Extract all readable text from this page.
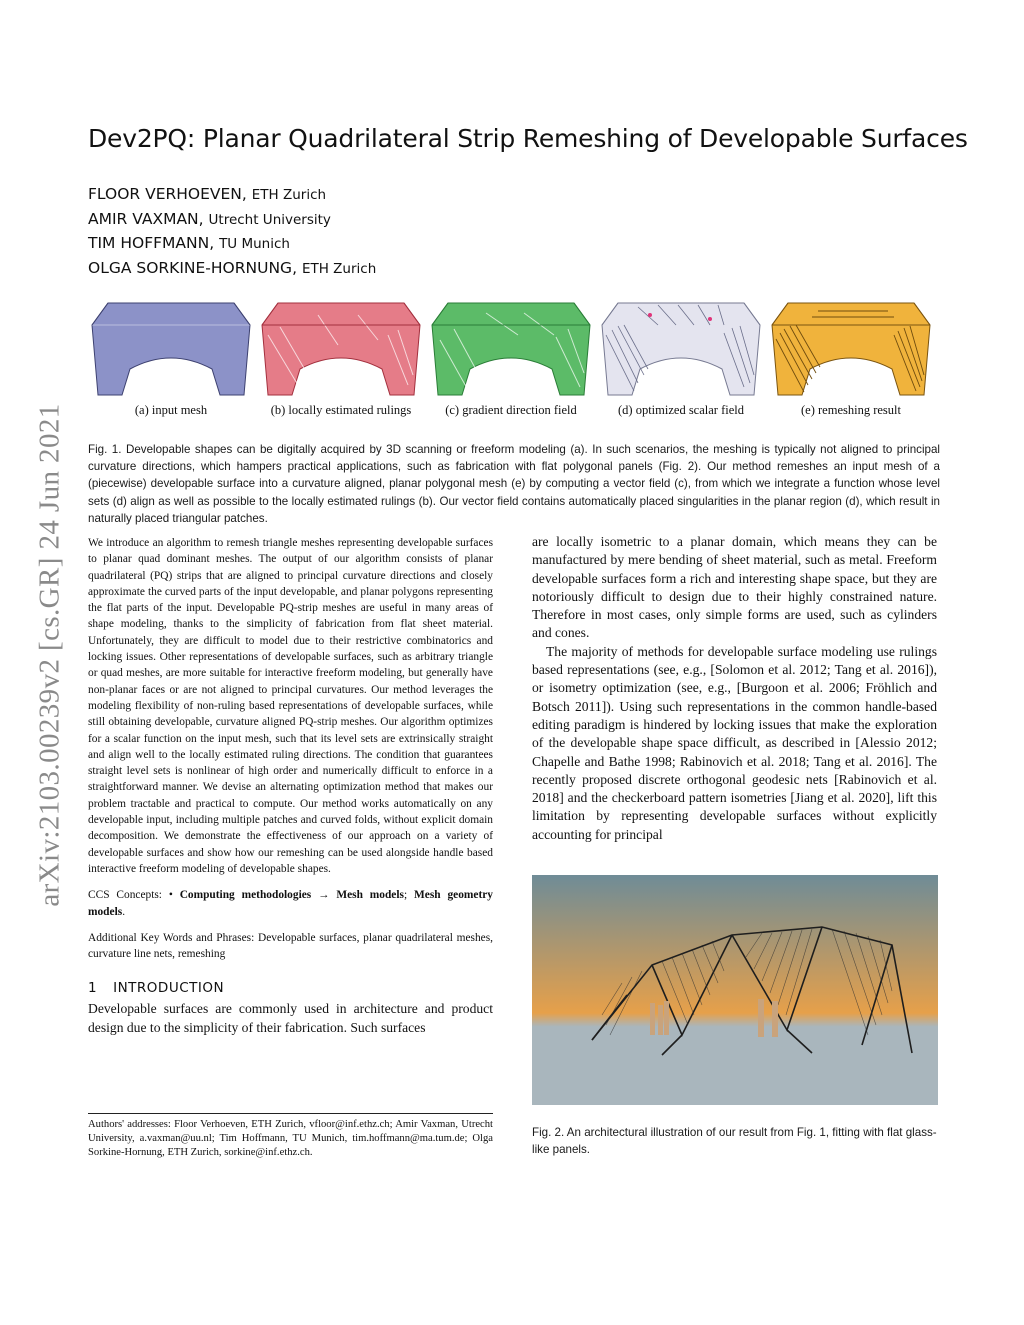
arXiv:2103.00239v2 [cs.GR] 24 Jun 2021
Dev2PQ: Planar Quadrilateral Strip Remeshing of Developable Surfaces
FLOOR VERHOEVEN, ETH Zurich
AMIR VAXMAN, Utrecht University
TIM HOFFMANN, TU Munich
OLGA SORKINE-HORNUNG, ETH Zurich
(a) input mesh	(b) locally estimated rulings	(c) gradient direction field	(d) optimized scalar field	(e) remeshing result
Fig. 1. Developable shapes can be digitally acquired by 3D scanning or freeform modeling (a). In such scenarios, the meshing is typically not aligned to principal curvature directions, which hampers practical applications, such as fabrication with flat polygonal panels (Fig. 2). Our method remeshes an input mesh of a (piecewise) developable surface into a curvature aligned, planar polygonal mesh (e) by computing a vector field (c), from which we integrate a function whose level sets (d) align as well as possible to the locally estimated rulings (b). Our vector field contains automatically placed singularities in the planar region (d), which result in naturally placed triangular patches.

We introduce an algorithm to remesh triangle meshes representing developable surfaces to planar quad dominant meshes. The output of our algorithm consists of planar quadrilateral (PQ) strips that are aligned to principal curvature directions and closely approximate the curved parts of the input developable, and planar polygons representing the flat parts of the input. Developable PQ-strip meshes are useful in many areas of shape modeling, thanks to the simplicity of fabrication from flat sheet material. Unfortunately, they are difficult to model due to their restrictive combinatorics and locking issues. Other representations of developable surfaces, such as arbitrary triangle or quad meshes, are more suitable for interactive freeform modeling, but generally have non-planar faces or are not aligned to principal curvatures. Our method leverages the modeling flexibility of non-ruling based representations of developable surfaces, while still obtaining developable, curvature aligned PQ-strip meshes. Our algorithm optimizes for a scalar function on the input mesh, such that its level sets are extrinsically straight and align well to the locally estimated ruling directions. The condition that guarantees straight level sets is nonlinear of high order and numerically difficult to enforce in a straightforward manner. We devise an alternating optimization method that makes our problem tractable and practical to compute. Our method works automatically on any developable input, including multiple patches and curved folds, without explicit domain decomposition. We demonstrate the effectiveness of our approach on a variety of developable surfaces and show how our remeshing can be used alongside handle based interactive freeform modeling of developable shapes.

CCS Concepts: • Computing methodologies → Mesh models; Mesh geometry models.

Additional Key Words and Phrases: Developable surfaces, planar quadrilateral meshes, curvature line nets, remeshing

1 INTRODUCTION

Developable surfaces are commonly used in architecture and product design due to the simplicity of their fabrication. Such surfaces

Authors' addresses: Floor Verhoeven, ETH Zurich, vfloor@inf.ethz.ch; Amir Vaxman, Utrecht University, a.vaxman@uu.nl; Tim Hoffmann, TU Munich, tim.hoffmann@ma.tum.de; Olga Sorkine-Hornung, ETH Zurich, sorkine@inf.ethz.ch.

are locally isometric to a planar domain, which means they can be manufactured by mere bending of sheet material, such as metal. Freeform developable surfaces form a rich and interesting shape space, but they are notoriously difficult to design due to their highly constrained nature. Therefore in most cases, only simple forms are used, such as cylinders and cones.

The majority of methods for developable surface modeling use rulings based representations (see, e.g., [Solomon et al. 2012; Tang et al. 2016]), or isometry optimization (see, e.g., [Burgoon et al. 2006; Fröhlich and Botsch 2011]). Using such representations in the common handle-based editing paradigm is hindered by locking issues that make the exploration of the developable shape space difficult, as described in [Alessio 2012; Chapelle and Bathe 1998; Rabinovich et al. 2018; Tang et al. 2016]. The recently proposed discrete orthogonal geodesic nets [Rabinovich et al. 2018] and the checkerboard pattern isometries [Jiang et al. 2020], lift this limitation by representing developable surfaces without explicitly accounting for principal

Fig. 2. An architectural illustration of our result from Fig. 1, fitting with flat glass-like panels.
